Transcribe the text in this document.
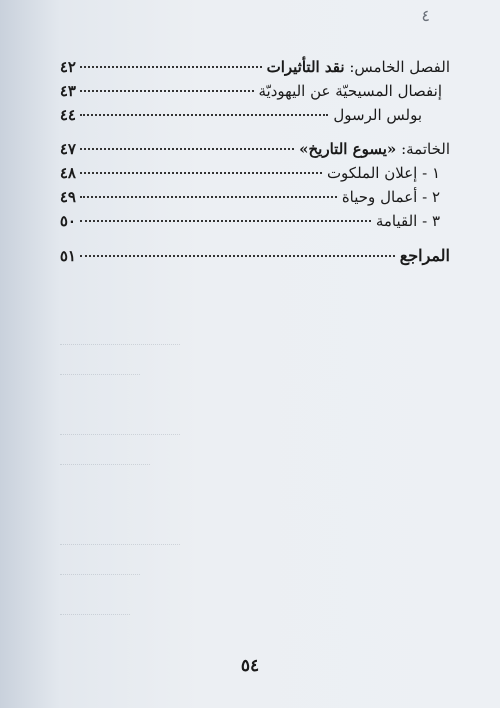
٤
الفصل الخامس: نقد التأثيرات
٤٢
إنفصال المسيحيّة عن اليهوديّة
٤٣
بولس الرسول
٤٤
الخاتمة: «يسوع التاريخ»
٤٧
١ - إعلان الملكوت
٤٨
٢ - أعمال وحياة
٤٩
٣ - القيامة
٥٠
المراجع
٥١
٥٤
